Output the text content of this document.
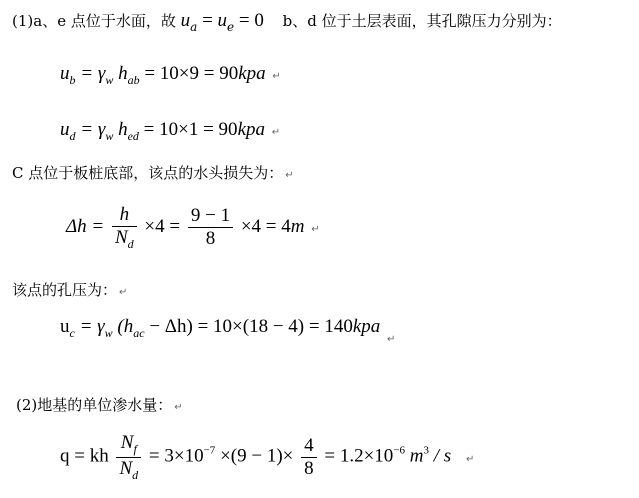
(1)a、e 点位于水面，故 $u_a = u_e = 0$ b、d 位于土层表面，其孔隙压力分别为：
$u_b = \gamma_w$ $h_{ab} = 10\times 9 = 90kpa$ ↵
$u_d = \gamma_w$ $h_{ed} = 10\times 1 = 90kpa$ ↵
C 点位于板桩底部，该点的水头损失为： ↵
$\Delta h = \frac{h}{N_d} \times 4 = \frac{9 - 1}{8} \times 4 = 4m$ ↵
该点的孔压为： ↵
$u_c = \gamma_w$ $(h_{ac} - \Delta h) = 10\times(18 - 4) = 140kpa$ $_↵$
(2)地基的单位渗水量： ↵
q = kh $\frac{N_f}{N_d} = 3\times 10^{-7} \times(9 - 1)\times \frac{4}{8} = 1.2\times 10^{-6}$ $m^3$ / s ↵
